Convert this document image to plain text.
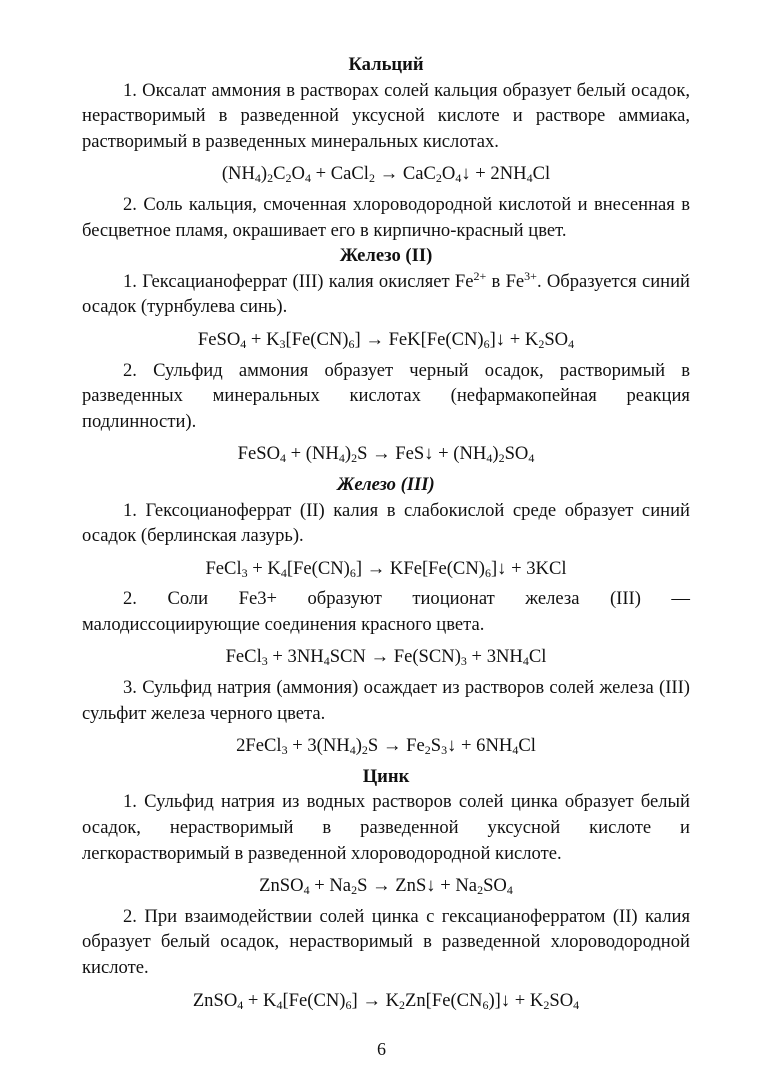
Кальций

1. Оксалат аммония в растворах солей кальция образует белый осадок, нерастворимый в разведенной уксусной кислоте и растворе аммиака, растворимый в разведенных минеральных кислотах.

$(NH_4)_2C_2O_4$ + CaCl$_2$ → $CaC_2O_4↓ + 2NH_4Cl$

2. Соль кальция, смоченная хлороводородной кислотой и внесенная в бесцветное пламя, окрашивает его в кирпично-красный цвет.

Железо (II)

1. Гексацианоферрат (III) калия окисляет $Fe^{2+}$ в $Fe^{3+}$. Образуется синий осадок (турнбулева синь).

FeSO$_4$ + $K_3[Fe(CN)_6]$ → $FeK[Fe(CN)_6]↓ + K_2SO_4$

2. Сульфид аммония образует черный осадок, растворимый в разведенных минеральных кислотах (нефармакопейная реакция подлинности).

FeSO$_4$ + $(NH_4)_2S$ → FeS↓ + $(NH_4)_2SO_4$

Железо (III)

1. Гексоцианоферрат (II) калия в слабокислой среде образует синий осадок (берлинская лазурь).

FeCl$_3$ + $K_4[Fe(CN)_6]$ → $KFe[Fe(CN)_6]↓ + 3KCl$

2. Соли Fe3+ образуют тиоционат железа (III) — малодиссоциирующие соединения красного цвета.

FeCl$_3$ + $3NH_4SCN \to Fe(SCN)_3 + 3NH_4Cl$

3. Сульфид натрия (аммония) осаждает из растворов солей железа (III) сульфит железа черного цвета.

2FeCl$_3$ + $3(NH_4)_2S$ → $Fe_2S_3↓ + 6NH_4Cl$

Цинк

1. Сульфид натрия из водных растворов солей цинка образует белый осадок, нерастворимый в разведенной уксусной кислоте и легкорастворимый в разведенной хлороводородной кислоте.

ZnSO$_4$ + $Na_2S$ → ZnS↓ + $Na_2SO_4$

2. При взаимодействии солей цинка с гексацианоферратом (II) калия образует белый осадок, нерастворимый в разведенной хлороводородной кислоте.

ZnSO$_4$ + $K_4[Fe(CN)_6]$ → $K_2Zn[Fe(CN_6)]↓ + K_2SO_4$

6
